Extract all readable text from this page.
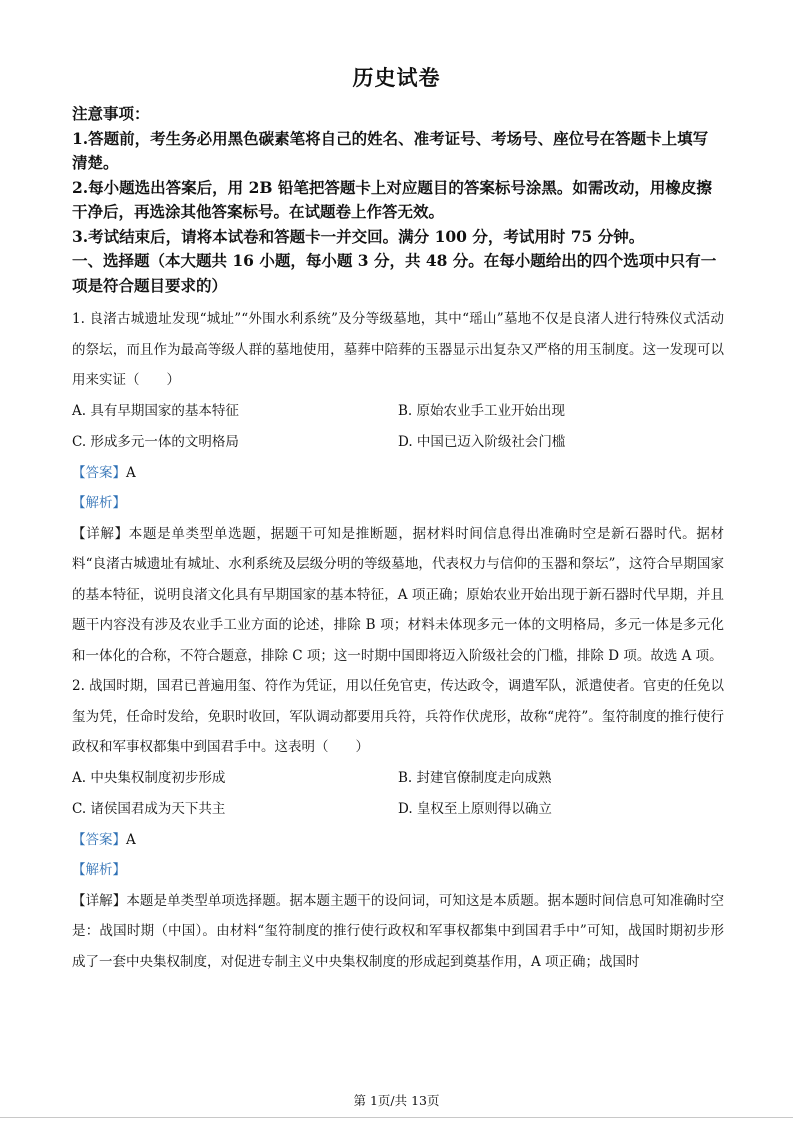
历史试卷

注意事项：

1.答题前，考生务必用黑色碳素笔将自己的姓名、准考证号、考场号、座位号在答题卡上填写清楚。

2.每小题选出答案后，用 2B 铅笔把答题卡上对应题目的答案标号涂黑。如需改动，用橡皮擦干净后，再选涂其他答案标号。在试题卷上作答无效。

3.考试结束后，请将本试卷和答题卡一并交回。满分 100 分，考试用时 75 分钟。

一、选择题（本大题共 16 小题，每小题 3 分，共 48 分。在每小题给出的四个选项中只有一项是符合题目要求的）

1. 良渚古城遗址发现“城址”“外围水利系统”及分等级墓地，其中“瑶山”墓地不仅是良渚人进行特殊仪式活动的祭坛，而且作为最高等级人群的墓地使用，墓葬中陪葬的玉器显示出复杂又严格的用玉制度。这一发现可以用来实证（　　）

A. 具有早期国家的基本特征	B. 原始农业手工业开始出现
C. 形成多元一体的文明格局	D. 中国已迈入阶级社会门槛

【答案】A

【解析】

【详解】本题是单类型单选题，据题干可知是推断题，据材料时间信息得出准确时空是新石器时代。据材料“良渚古城遗址有城址、水利系统及层级分明的等级墓地，代表权力与信仰的玉器和祭坛”，这符合早期国家的基本特征，说明良渚文化具有早期国家的基本特征，A 项正确；原始农业开始出现于新石器时代早期，并且题干内容没有涉及农业手工业方面的论述，排除 B 项；材料未体现多元一体的文明格局，多元一体是多元化和一体化的合称，不符合题意，排除 C 项；这一时期中国即将迈入阶级社会的门槛，排除 D 项。故选 A 项。

2. 战国时期，国君已普遍用玺、符作为凭证，用以任免官吏，传达政令，调遣军队，派遣使者。官吏的任免以玺为凭，任命时发给，免职时收回，军队调动都要用兵符，兵符作伏虎形，故称“虎符”。玺符制度的推行使行政权和军事权都集中到国君手中。这表明（　　）

A. 中央集权制度初步形成	B. 封建官僚制度走向成熟
C. 诸侯国君成为天下共主	D. 皇权至上原则得以确立

【答案】A

【解析】

【详解】本题是单类型单项选择题。据本题主题干的设问词，可知这是本质题。据本题时间信息可知准确时空是：战国时期（中国）。由材料“玺符制度的推行使行政权和军事权都集中到国君手中”可知，战国时期初步形成了一套中央集权制度，对促进专制主义中央集权制度的形成起到奠基作用，A 项正确；战国时

第 1页/共 13页
